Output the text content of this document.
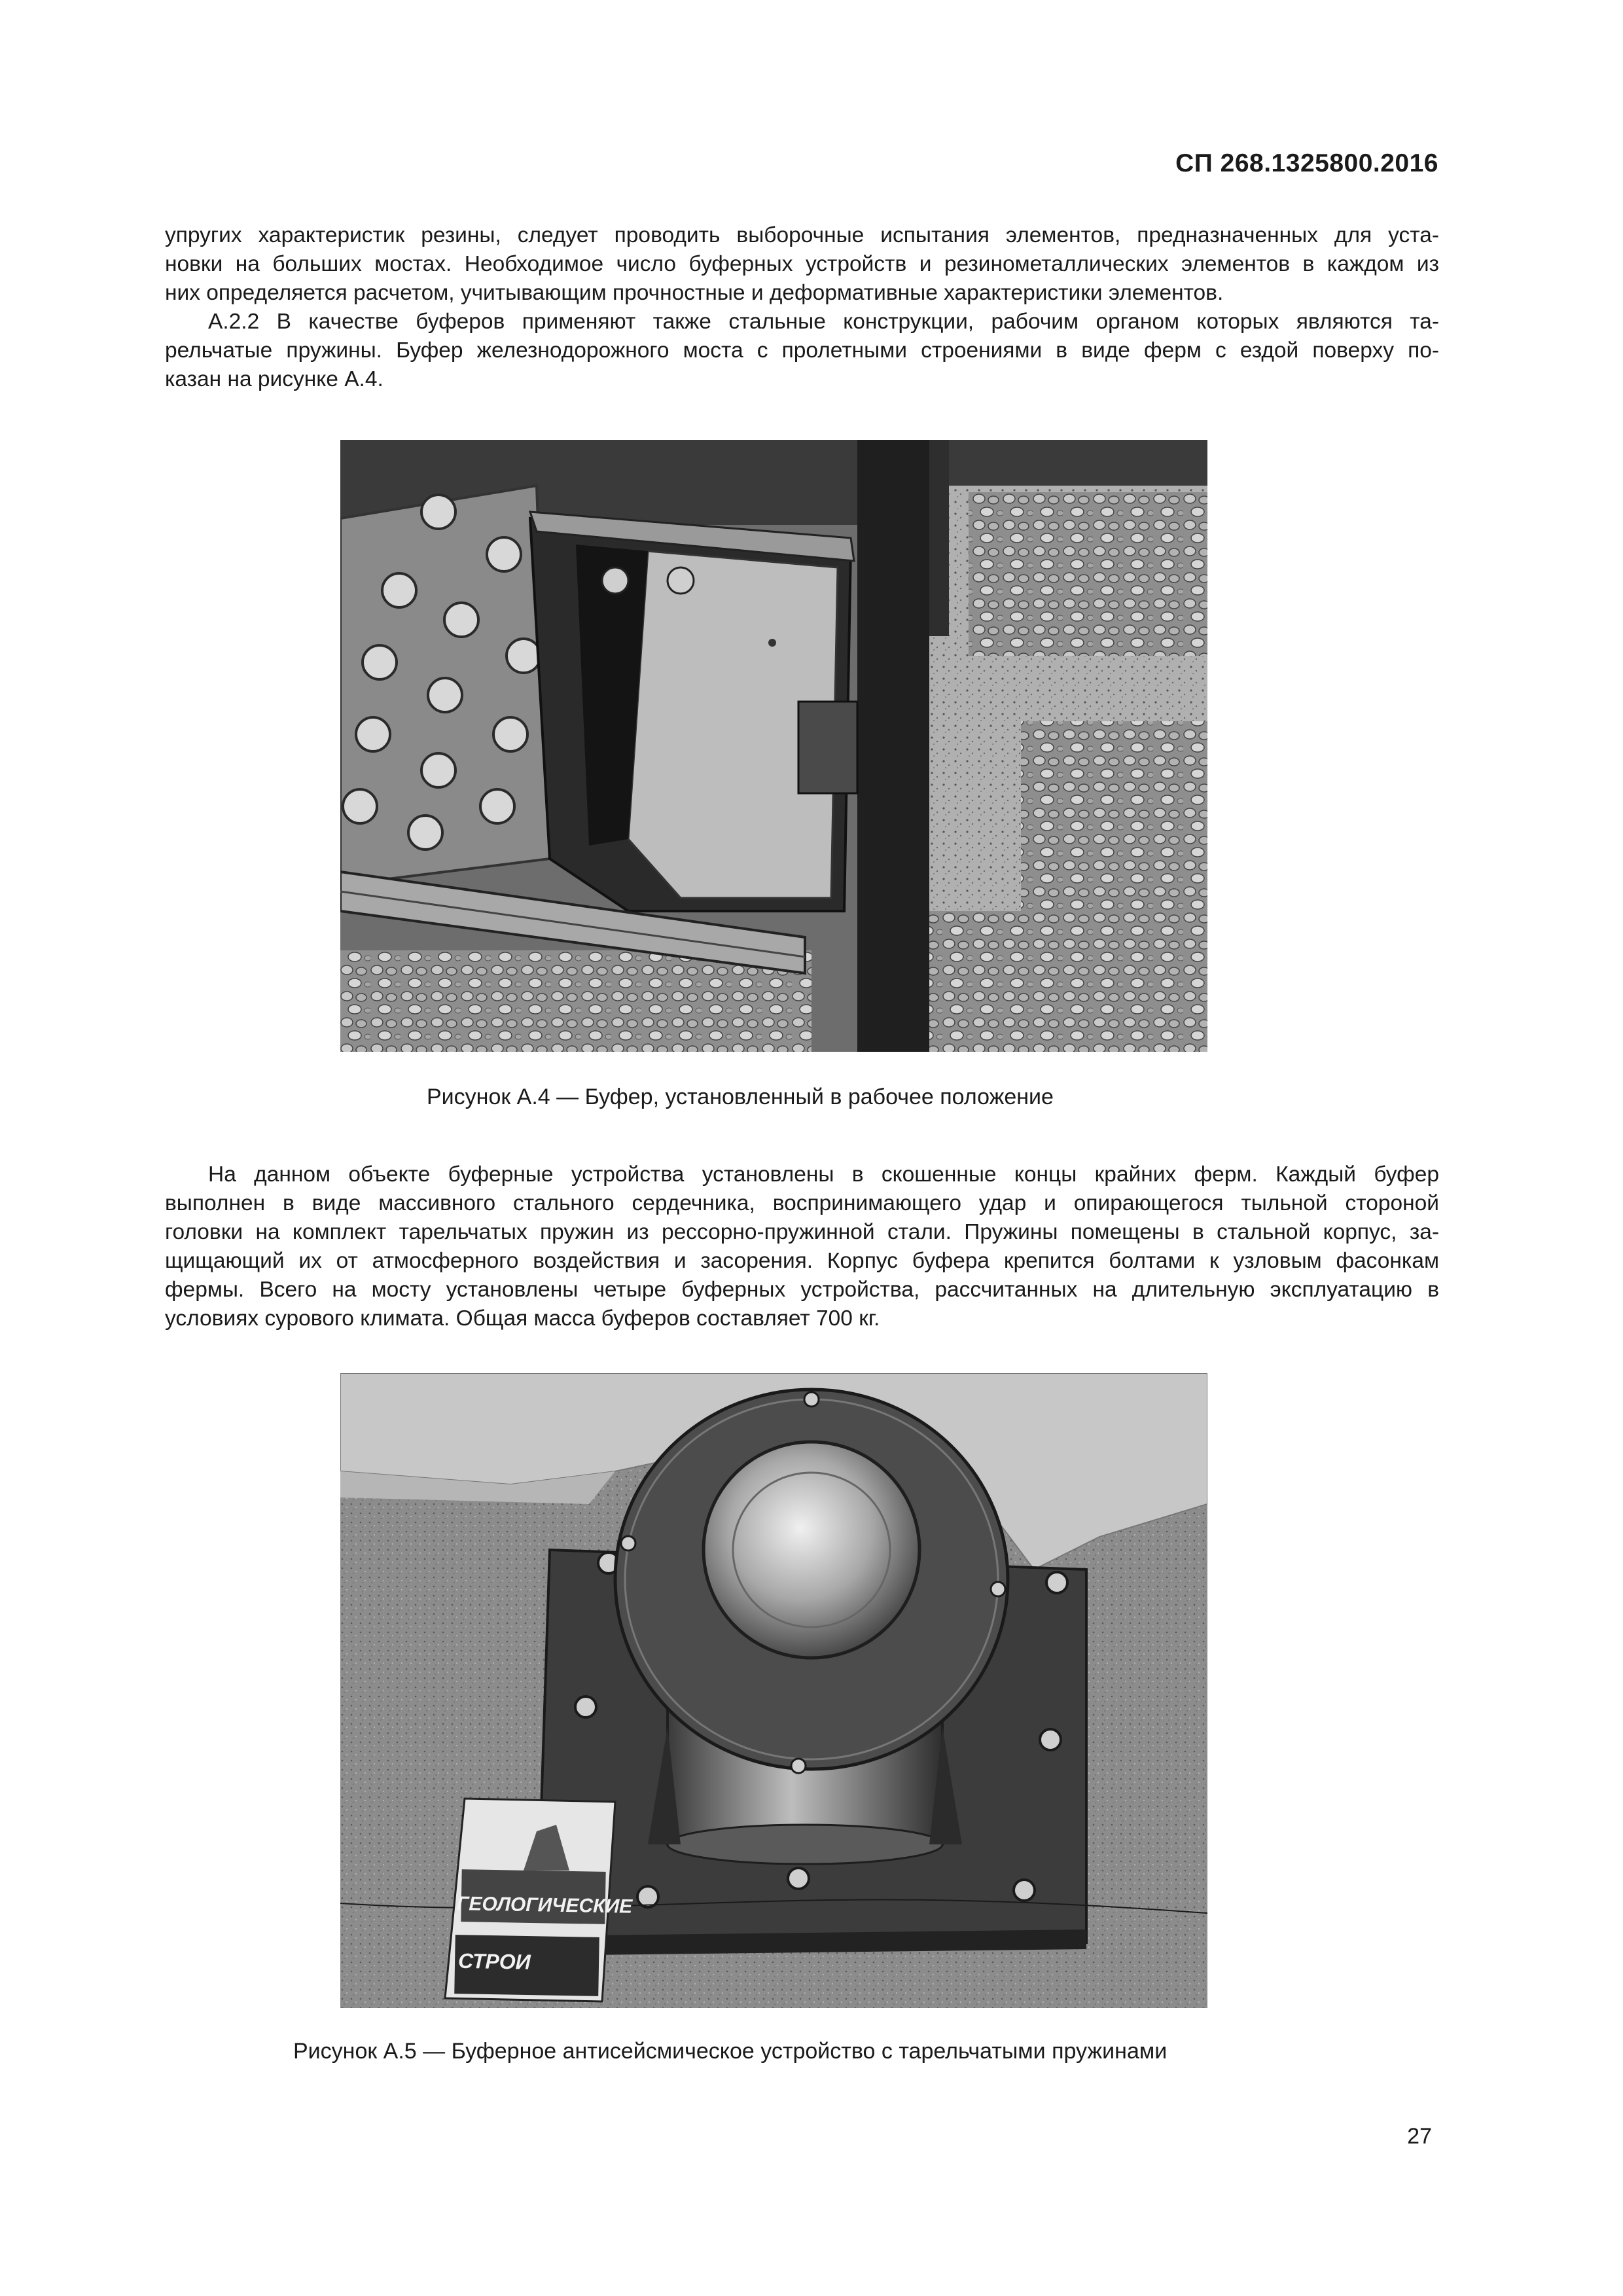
СП 268.1325800.2016
упругих характеристик резины, следует проводить выборочные испытания элементов, предназначенных для уста-
новки на больших мостах. Необходимое число буферных устройств и резинометаллических элементов в каждом из
них определяется расчетом, учитывающим прочностные и деформативные характеристики элементов.
А.2.2 В качестве буферов применяют также стальные конструкции, рабочим органом которых являются та-
рельчатые пружины. Буфер железнодорожного моста с пролетными строениями в виде ферм с ездой поверху по-
казан на рисунке А.4.
Рисунок А.4 — Буфер, установленный в рабочее положение
На данном объекте буферные устройства установлены в скошенные концы крайних ферм. Каждый буфер
выполнен в виде массивного стального сердечника, воспринимающего удар и опирающегося тыльной стороной
головки на комплект тарельчатых пружин из рессорно-пружинной стали. Пружины помещены в стальной корпус, за-
щищающий их от атмосферного воздействия и засорения. Корпус буфера крепится болтами к узловым фасонкам
фермы. Всего на мосту установлены четыре буферных устройства, рассчитанных на длительную эксплуатацию в
условиях сурового климата. Общая масса буферов составляет 700 кг.
ГЕОЛОГИЧЕСКИЕ
СТРОИ
Рисунок А.5 — Буферное антисейсмическое устройство с тарельчатыми пружинами
27
